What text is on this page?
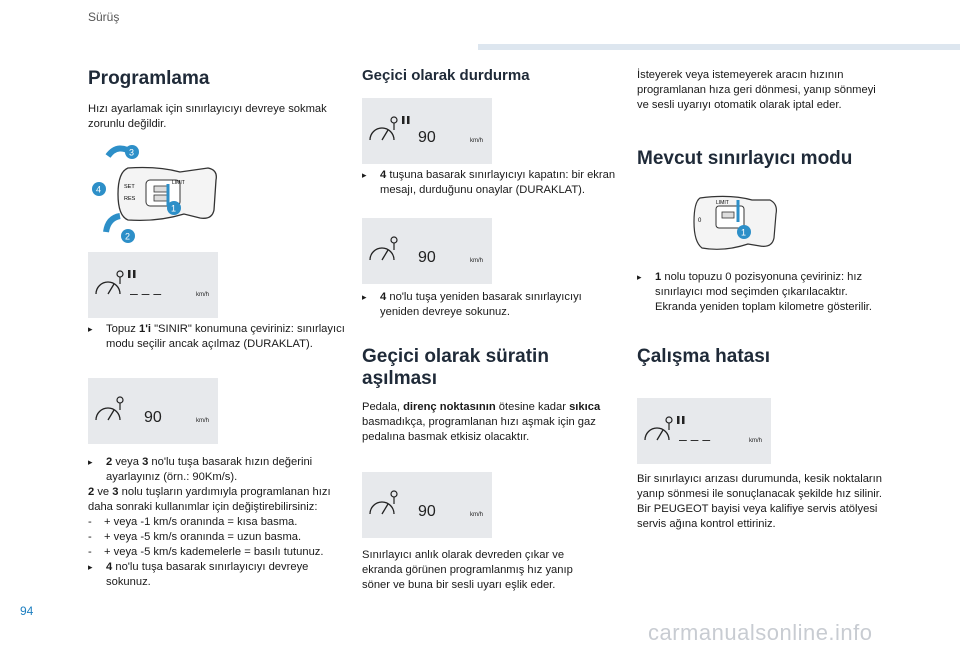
Sürüş
Programlama

Hızı ayarlamak için sınırlayıcıyı devreye sokmak zorunlu değildir.

SET
RES
LIMIT
3
4
1
2
– – –	km/h
▸ Topuz 1'i "SINIR" konumuna çeviriniz: sınırlayıcı modu seçilir ancak açılmaz (DURAKLAT).
90	km/h
▸ 2 veya 3 no'lu tuşa basarak hızın değerini ayarlayınız (örn.: 90Km/s).

2 ve 3 nolu tuşların yardımıyla programlanan hızı daha sonraki kullanımlar için değiştirebilirsiniz:

- + veya -1 km/s oranında = kısa basma.
- + veya -5 km/s oranında = uzun basma.
- + veya -5 km/s kademelerle = basılı tutunuz.
▸ 4 no'lu tuşa basarak sınırlayıcıyı devreye sokunuz.
Geçici olarak durdurma
90	km/h
▸ 4 tuşuna basarak sınırlayıcıyı kapatın: bir ekran mesajı, durduğunu onaylar (DURAKLAT).
90	km/h
▸ 4 no'lu tuşa yeniden basarak sınırlayıcıyı yeniden devreye sokunuz.
Geçici olarak süratin aşılması

Pedala, direnç noktasının ötesine kadar sıkıca basmadıkça, programlanan hızı aşmak için gaz pedalına basmak etkisiz olacaktır.

90	km/h
Sınırlayıcı anlık olarak devreden çıkar ve ekranda görünen programlanmış hız yanıp söner ve buna bir sesli uyarı eşlik eder.
İsteyerek veya istemeyerek aracın hızının programlanan hıza geri dönmesi, yanıp sönmeyi ve sesli uyarıyı otomatik olarak iptal eder.
Mevcut sınırlayıcı modu
LIMIT
0
1
▸ 1 nolu topuzu 0 pozisyonuna çeviriniz: hız sınırlayıcı mod seçimden çıkarılacaktır. Ekranda yeniden toplam kilometre gösterilir.
Çalışma hatası
– – –	km/h
Bir sınırlayıcı arızası durumunda, kesik noktaların yanıp sönmesi ile sonuçlanacak şekilde hız silinir.
Bir PEUGEOT bayisi veya kalifiye servis atölyesi servis ağına kontrol ettiriniz.
94
carmanualsonline.info
